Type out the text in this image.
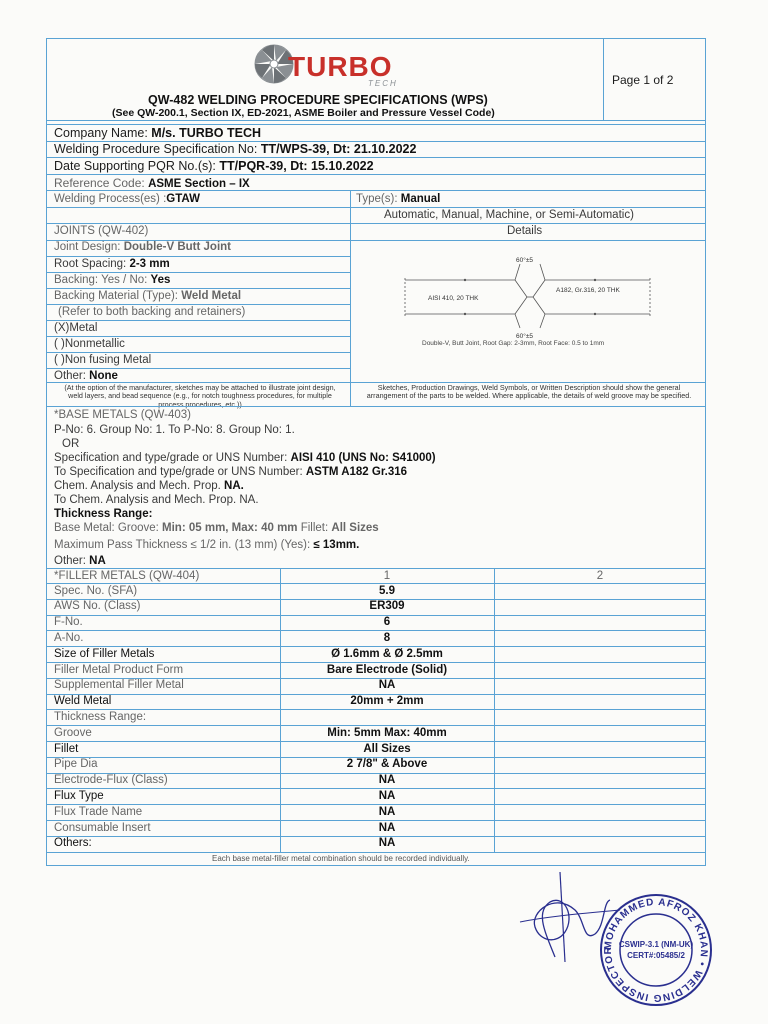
TURBO
TECH
QW-482 WELDING PROCEDURE SPECIFICATIONS (WPS)
(See QW-200.1, Section IX, ED-2021, ASME Boiler and Pressure Vessel Code)
Page 1 of 2
Company Name: M/s. TURBO TECH
Welding Procedure Specification No: TT/WPS-39, Dt: 21.10.2022
Date Supporting PQR No.(s): TT/PQR-39, Dt: 15.10.2022
Reference Code: ASME Section – IX
Welding Process(es) :GTAW	Type(s): Manual
Automatic, Manual, Machine, or Semi-Automatic)
JOINTS (QW-402)	Details
Joint Design: Double-V Butt Joint
Root Spacing: 2-3 mm
Backing: Yes / No: Yes
Backing Material (Type): Weld Metal
(Refer to both backing and retainers)
(X)Metal
( )Nonmetallic
( )Non fusing Metal
Other: None
(At the option of the manufacturer, sketches may be attached to illustrate joint design, weld layers, and bead sequence (e.g., for notch toughness procedures, for multiple process procedures, etc.))
Sketches, Production Drawings, Weld Symbols, or Written Description should show the general arrangement of the parts to be welded. Where applicable, the details of weld groove may be specified.
60°±5
60°±5
AISI 410, 20 THK
A182, Gr.316, 20 THK
Double-V, Butt Joint, Root Gap: 2-3mm, Root Face: 0.5 to 1mm
*BASE METALS (QW-403)
P-No: 6. Group No: 1. To P-No: 8. Group No: 1.
OR
Specification and type/grade or UNS Number: AISI 410 (UNS No: S41000)
To Specification and type/grade or UNS Number: ASTM A182 Gr.316
Chem. Analysis and Mech. Prop. NA.
To Chem. Analysis and Mech. Prop. NA.
Thickness Range:
Base Metal: Groove: Min: 05 mm, Max: 40 mm Fillet: All Sizes
Maximum Pass Thickness ≤ 1/2 in. (13 mm) (Yes): ≤ 13mm.
Other: NA
*FILLER METALS (QW-404)	1	2
Spec. No. (SFA)	5.9
AWS No. (Class)	ER309
F-No.	6
A-No.	8
Size of Filler Metals	Ø 1.6mm & Ø 2.5mm
Filler Metal Product Form	Bare Electrode (Solid)
Supplemental Filler Metal	NA
Weld Metal	20mm + 2mm
Thickness Range:
Groove	Min: 5mm Max: 40mm
Fillet	All Sizes
Pipe Dia	2 7/8" & Above
Electrode-Flux (Class)	NA
Flux Type	NA
Flux Trade Name	NA
Consumable Insert	NA
Others:	NA
Each base metal-filler metal combination should be recorded individually.
MOHAMMED AFROZ KHAN • WELDING INSPECTOR
CSWIP-3.1 (NM-UK)
CERT#:05485/2
